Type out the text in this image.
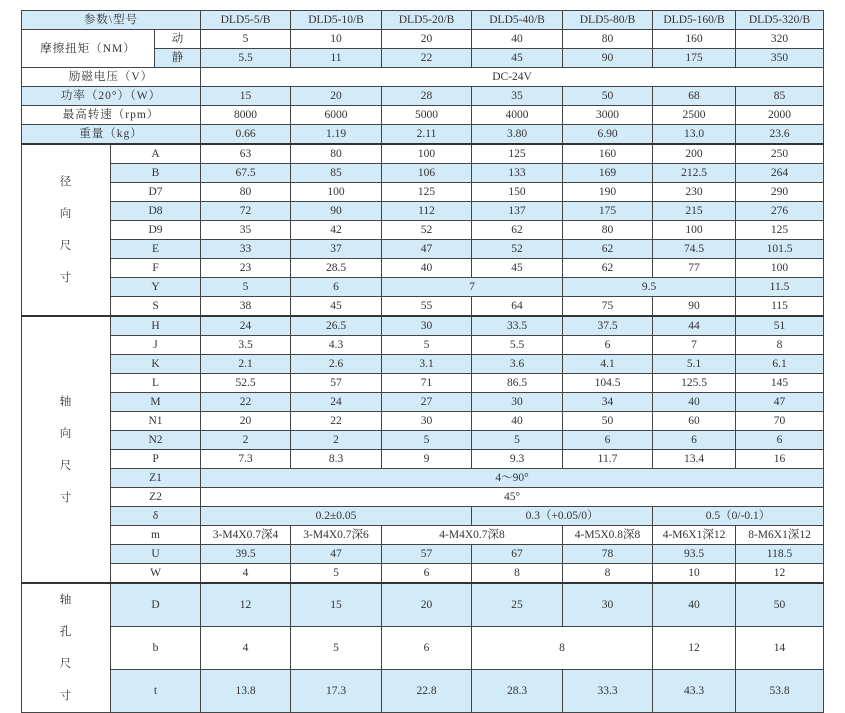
参数\型号			DLD5-5/B	DLD5-10/B	DLD5-20/B	DLD5-40/B	DLD5-80/B	DLD5-160/B	DLD5-320/B
摩擦扭矩（NM）		动	5	10	20	40	80	160	320
		静	5.5	11	22	45	90	175	350
励磁电压（V）			DC-24V						
功率（20°）（W）			15	20	28	35	50	68	85
最高转速（rpm）			8000	6000	5000	4000	3000	2500	2000
重量（kg）			0.66	1.19	2.11	3.80	6.90	13.0	23.6
径 向 尺 寸	A		63	80	100	125	160	200	250
	B		67.5	85	106	133	169	212.5	264
	D7		80	100	125	150	190	230	290
	D8		72	90	112	137	175	215	276
	D9		35	42	52	62	80	100	125
	E		33	37	47	52	62	74.5	101.5
	F		23	28.5	40	45	62	77	100
	Y		5	6	7		9.5		11.5
	S		38	45	55	64	75	90	115
轴 向 尺 寸	H		24	26.5	30	33.5	37.5	44	51
	J		3.5	4.3	5	5.5	6	7	8
	K		2.1	2.6	3.1	3.6	4.1	5.1	6.1
	L		52.5	57	71	86.5	104.5	125.5	145
	M		22	24	27	30	34	40	47
	N1		20	22	30	40	50	60	70
	N2		2	2	5	5	6	6	6
	P		7.3	8.3	9	9.3	11.7	13.4	16
	Z1		4～90°						
	Z2		45°						
	δ		0.2±0.05			0.3（+0.05/0）		0.5（0/-0.1）	
	m		3-M4X0.7深4	3-M4X0.7深6	4-M4X0.7深8		4-M5X0.8深8	4-M6X1深12	8-M6X1深12
	U		39.5	47	57	67	78	93.5	118.5
	W		4	5	6	8	8	10	12
轴 孔 尺 寸	D		12	15	20	25	30	40	50
	b		4	5	6	8		12	14
	t		13.8	17.3	22.8	28.3	33.3	43.3	53.8
